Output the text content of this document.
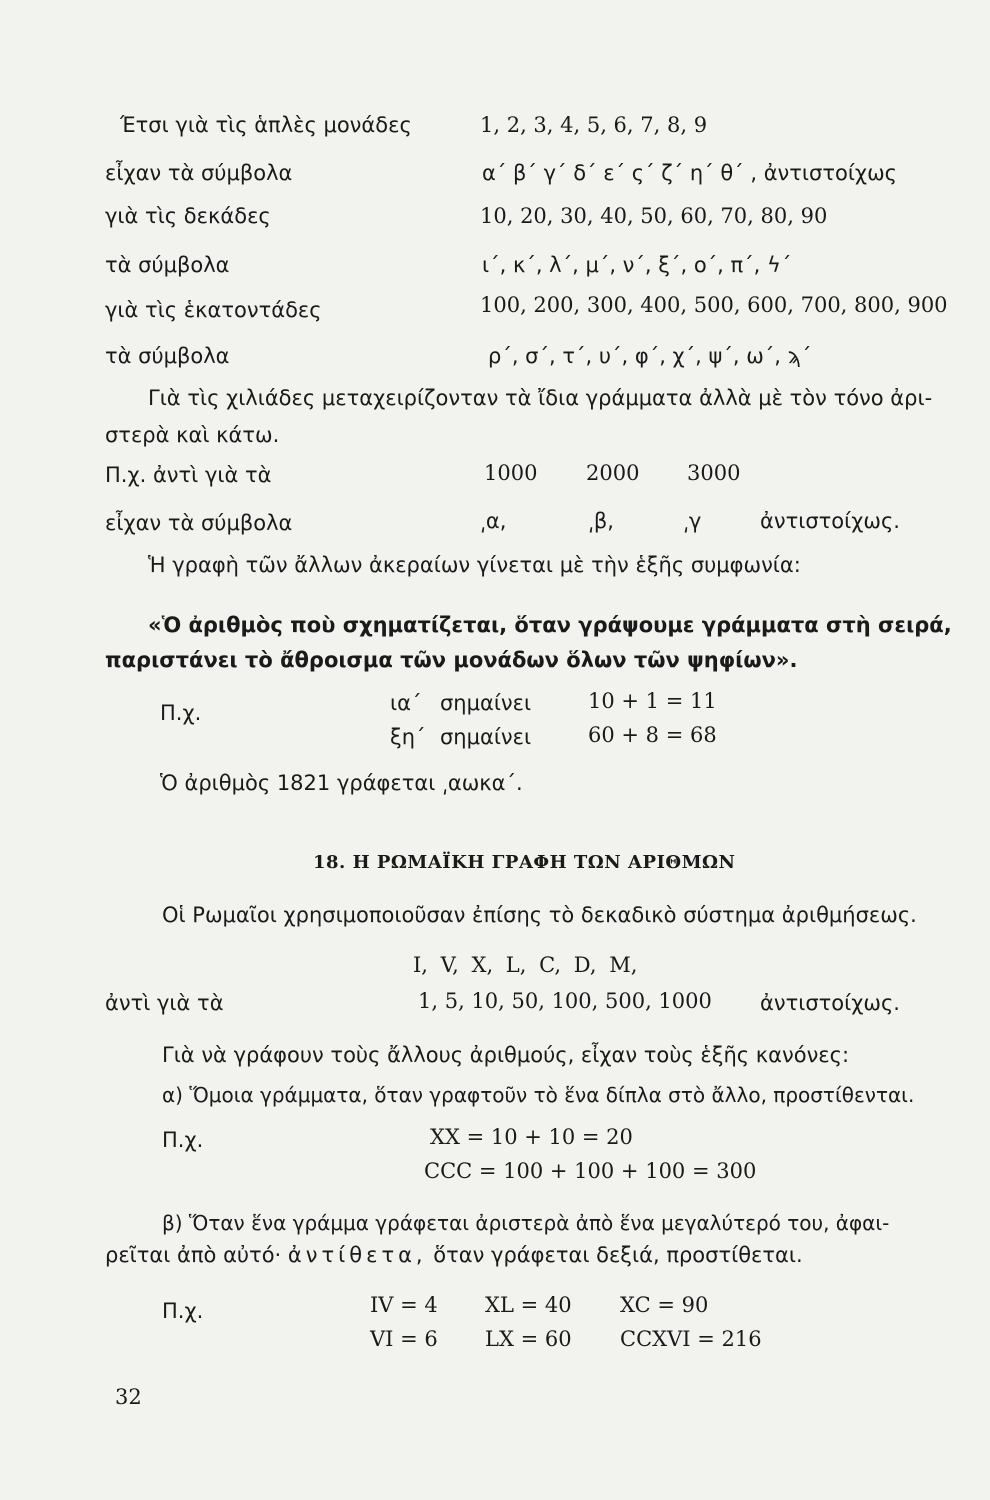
Έτσι γιὰ τὶς ἁπλὲς μονάδες	1, 2, 3, 4, 5, 6, 7, 8, 9
εἶχαν τὰ σύμβολα	α΄ β΄ γ΄ δ΄ ε΄ ς΄ ζ΄ η΄ θ΄ , ἀντιστοίχως
γιὰ τὶς δεκάδες	10, 20, 30, 40, 50, 60, 70, 80, 90
τὰ σύμβολα	ι΄, κ΄, λ΄, μ΄, ν΄, ξ΄, ο΄, π΄, ϟ΄
γιὰ τὶς ἑκατοντάδες	100, 200, 300, 400, 500, 600, 700, 800, 900
τὰ σύμβολα	ρ΄, σ΄, τ΄, υ΄, φ΄, χ΄, ψ΄, ω΄, ϡ΄
Γιὰ τὶς χιλιάδες μεταχειρίζονταν τὰ ἴδια γράμματα ἀλλὰ μὲ τὸν τόνο ἀρι-
στερὰ καὶ κάτω.
Π.χ. ἀντὶ γιὰ τὰ	1000 2000 3000
εἶχαν τὰ σύμβολα	͵α,	͵β,	͵γ	ἀντιστοίχως.
Ἡ γραφὴ τῶν ἄλλων ἀκεραίων γίνεται μὲ τὴν ἑξῆς συμφωνία:
«Ὁ ἀριθμὸς ποὺ σχηματίζεται, ὅταν γράψουμε γράμματα στὴ σειρά,
παριστάνει τὸ ἄθροισμα τῶν μονάδων ὅλων τῶν ψηφίων».
Π.χ.	ια΄ σημαίνει	10 + 1 = 11
ξη΄ σημαίνει	60 + 8 = 68
Ὁ ἀριθμὸς 1821 γράφεται ͵αωκα΄.
18. Η ΡΩΜΑΪΚΗ ΓΡΑΦΗ ΤΩΝ ΑΡΙΘΜΩΝ
Οἱ Ρωμαῖοι χρησιμοποιοῦσαν ἐπίσης τὸ δεκαδικὸ σύστημα ἀριθμήσεως.
I, V, X, L, C, D, M,
ἀντὶ γιὰ τὰ	1, 5, 10, 50, 100, 500, 1000 ἀντιστοίχως.
Γιὰ νὰ γράφουν τοὺς ἄλλους ἀριθμούς, εἶχαν τοὺς ἑξῆς κανόνες:
α) Ὅμοια γράμματα, ὅταν γραφτοῦν τὸ ἕνα δίπλα στὸ ἄλλο, προστίθενται.
Π.χ.	XX = 10 + 10 = 20
CCC = 100 + 100 + 100 = 300
β) Ὅταν ἕνα γράμμα γράφεται ἀριστερὰ ἀπὸ ἕνα μεγαλύτερό του, ἀφαι-
ρεῖται ἀπὸ αὐτό· ἀντίθετα, ὅταν γράφεται δεξιά, προστίθεται.
Π.χ.	IV = 4 XL = 40 XC = 90
VI = 6 LX = 60 CCXVI = 216
32
